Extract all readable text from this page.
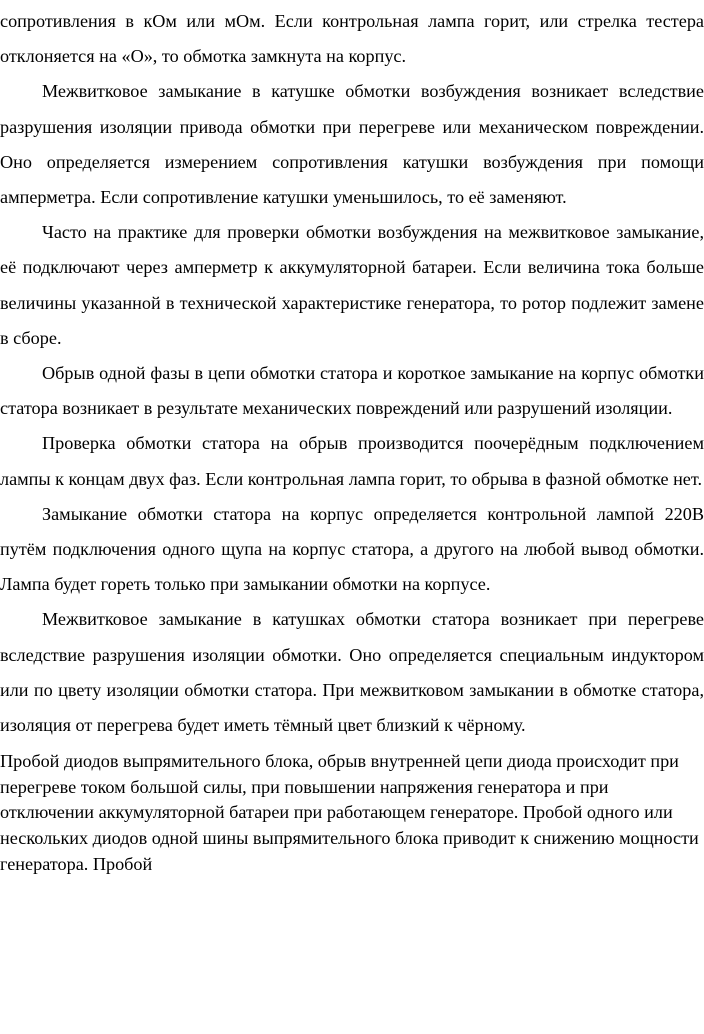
сопротивления в кОм или мОм. Если контрольная лампа горит, или стрелка тестера отклоняется на «О», то обмотка замкнута на корпус.

Межвитковое замыкание в катушке обмотки возбуждения возникает вследствие разрушения изоляции привода обмотки при перегреве или механическом повреждении. Оно определяется измерением сопротивления катушки возбуждения при помощи амперметра. Если сопротивление катушки уменьшилось, то её заменяют.

Часто на практике для проверки обмотки возбуждения на межвитковое замыкание, её подключают через амперметр к аккумуляторной батареи. Если величина тока больше величины указанной в технической характеристике генератора, то ротор подлежит замене в сборе.

Обрыв одной фазы в цепи обмотки статора и короткое замыкание на корпус обмотки статора возникает в результате механических повреждений или разрушений изоляции.

Проверка обмотки статора на обрыв производится поочерёдным подключением лампы к концам двух фаз. Если контрольная лампа горит, то обрыва в фазной обмотке нет.

Замыкание обмотки статора на корпус определяется контрольной лампой 220В путём подключения одного щупа на корпус статора, а другого на любой вывод обмотки. Лампа будет гореть только при замыкании обмотки на корпусе.

Межвитковое замыкание в катушках обмотки статора возникает при перегреве вследствие разрушения изоляции обмотки. Оно определяется специальным индуктором или по цвету изоляции обмотки статора. При межвитковом замыкании в обмотке статора, изоляция от перегрева будет иметь тёмный цвет близкий к чёрному.

Пробой диодов выпрямительного блока, обрыв внутренней цепи диода происходит при перегреве током большой силы, при повышении напряжения генератора и при отключении аккумуляторной батареи при работающем генераторе. Пробой одного или нескольких диодов одной шины выпрямительного блока приводит к снижению мощности генератора. Пробой
